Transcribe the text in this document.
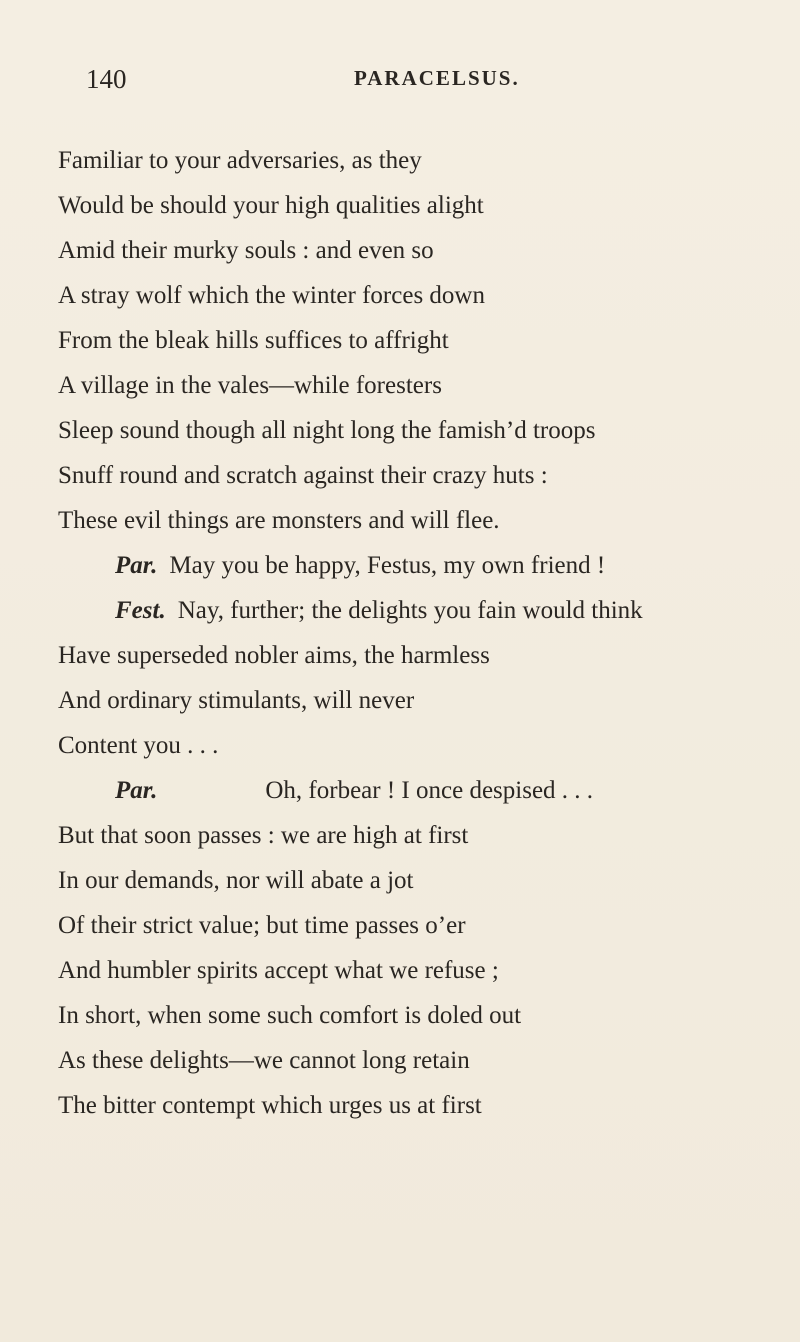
140	PARACELSUS.
Familiar to your adversaries, as they
Would be should your high qualities alight
Amid their murky souls : and even so
A stray wolf which the winter forces down
From the bleak hills suffices to affright
A village in the vales—while foresters
Sleep sound though all night long the famish’d troops
Snuff round and scratch against their crazy huts :
These evil things are monsters and will flee.
Par. May you be happy, Festus, my own friend !
Fest. Nay, further; the delights you fain would think
Have superseded nobler aims, the harmless
And ordinary stimulants, will never
Content you . . .
Par.	Oh, forbear ! I once despised . . .
But that soon passes : we are high at first
In our demands, nor will abate a jot
Of their strict value; but time passes o’er
And humbler spirits accept what we refuse ;
In short, when some such comfort is doled out
As these delights—we cannot long retain
The bitter contempt which urges us at first
